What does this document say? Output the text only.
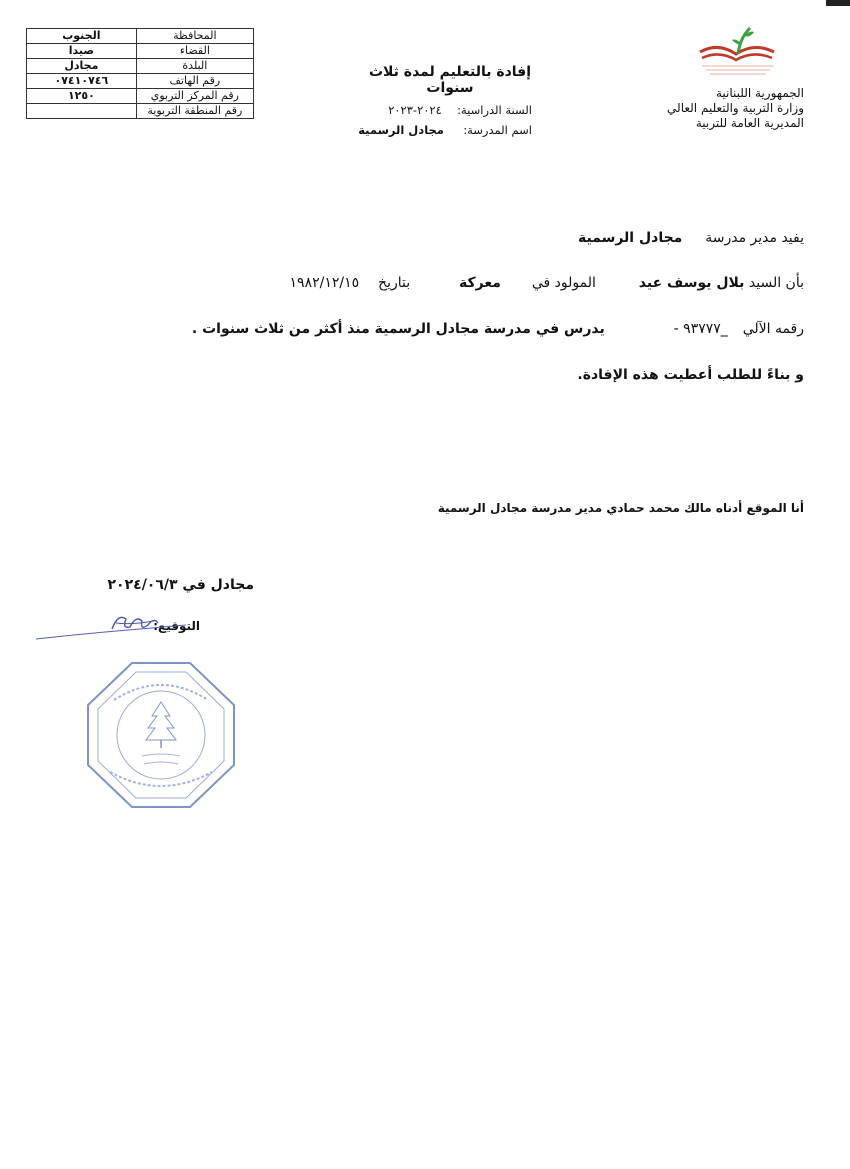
المحافظة	الجنوب
القضاء	صيدا
البلدة	مجادل
رقم الهاتف	٠٧٤١٠٧٤٦
رقم المركز التربوي	١٢٥٠
رقم المنطقة التربوية	
الجمهورية اللبنانية
وزارة التربية والتعليم العالي
المديرية العامة للتربية
إفادة بالتعليم لمدة ثلاث سنوات
السنة الدراسية:  ٢٠٢٤-٢٠٢٣
اسم المدرسة:  مجادل الرسمية
يفيد مدير مدرسة  مجادل الرسمية
بأن السيد بلال يوسف عيد  المولود في  معركة  بتاريخ  ١٩٨٢/١٢/١٥
رقمه الآلي  _٩٣٧٧٧ -  يدرس في مدرسة مجادل الرسمية منذ أكثر من ثلاث سنوات .
و بناءً للطلب أعطيت هذه الإفادة.
أنا الموقع أدناه مالك محمد حمادي مدير مدرسة مجادل الرسمية
مجادل في ٢٠٢٤/٠٦/٣
التوقيع:
